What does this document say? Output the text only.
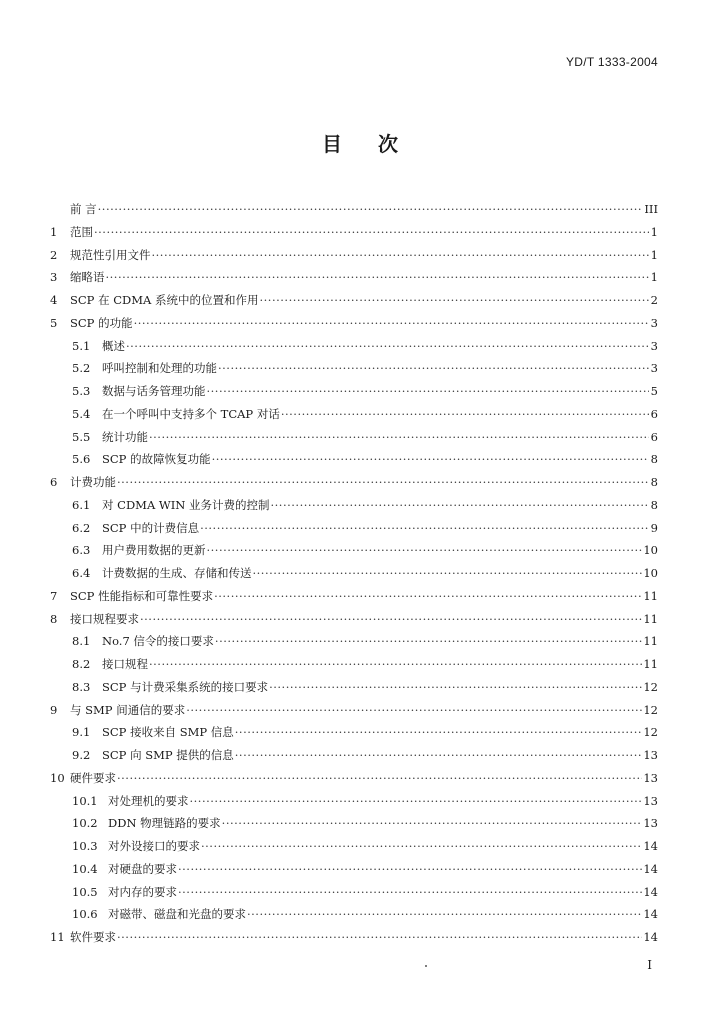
YD/T 1333-2004
目 次
前 言 ·····	III
1	范围 ·····	1
2	规范性引用文件 ·····	1
3	缩略语 ·····	1
4	SCP 在 CDMA 系统中的位置和作用 ·····	2
5	SCP 的功能 ·····	3
5.1	概述 ·····	3
5.2	呼叫控制和处理的功能 ·····	3
5.3	数据与话务管理功能 ·····	5
5.4	在一个呼叫中支持多个 TCAP 对话 ·····	6
5.5	统计功能 ·····	6
5.6	SCP 的故障恢复功能 ·····	8
6	计费功能 ·····	8
6.1	对 CDMA WIN 业务计费的控制 ·····	8
6.2	SCP 中的计费信息 ·····	9
6.3	用户费用数据的更新 ·····	10
6.4	计费数据的生成、存储和传送 ·····	10
7	SCP 性能指标和可靠性要求 ·····	11
8	接口规程要求 ·····	11
8.1	No.7 信令的接口要求 ·····	11
8.2	接口规程 ·····	11
8.3	SCP 与计费采集系统的接口要求 ·····	12
9	与 SMP 间通信的要求 ·····	12
9.1	SCP 接收来自 SMP 信息 ·····	12
9.2	SCP 向 SMP 提供的信息 ·····	13
10 硬件要求 ·····	13
10.1 对处理机的要求 ·····	13
10.2 DDN 物理链路的要求 ·····	13
10.3 对外设接口的要求 ·····	14
10.4 对硬盘的要求 ·····	14
10.5 对内存的要求 ·····	14
10.6 对磁带、磁盘和光盘的要求 ·····	14
11 软件要求 ·····	14
I
